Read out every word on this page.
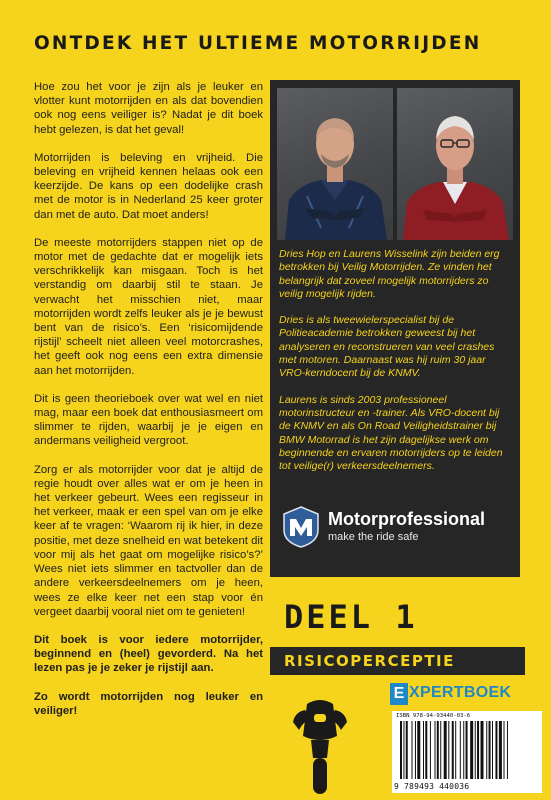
ONTDEK HET ULTIEME MOTORRIJDEN

Hoe zou het voor je zijn als je leuker en vlotter kunt motorrijden en als dat bovendien ook nog eens veiliger is? Nadat je dit boek hebt gelezen, is dat het geval!

Motorrijden is beleving en vrijheid. Die beleving en vrijheid kennen helaas ook een keerzijde. De kans op een dodelijke crash met de motor is in Nederland 25 keer groter dan met de auto. Dat moet anders!

De meeste motorrijders stappen niet op de motor met de gedachte dat er mogelijk iets verschrikkelijk kan misgaan. Toch is het verstandig om daarbij stil te staan. Je verwacht het misschien niet, maar motorrijden wordt zelfs leuker als je je bewust bent van de risico’s. Een ‘risicomijdende rijstijl’ scheelt niet alleen veel motorcrashes, het geeft ook nog eens een extra dimensie aan het motorrijden.

Dit is geen theorieboek over wat wel en niet mag, maar een boek dat enthousiasmeert om slimmer te rijden, waarbij je je eigen en andermans veiligheid vergroot.

Zorg er als motorrijder voor dat je altijd de regie houdt over alles wat er om je heen in het verkeer gebeurt. Wees een regisseur in het verkeer, maak er een spel van om je elke keer af te vragen: ‘Waarom rij ik hier, in deze positie, met deze snelheid en wat betekent dit voor mij als het gaat om mogelijke risico’s?’ Wees niet iets slimmer en tactvoller dan de andere verkeersdeelnemers om je heen, wees ze elke keer net een stap voor én vergeet daarbij vooral niet om te genieten!

Dit boek is voor iedere motorrijder, beginnend en (heel) gevorderd. Na het lezen pas je je zeker je rijstijl aan.

Zo wordt motorrijden nog leuker en veiliger!

Dries Hop en Laurens Wisselink zijn beiden erg betrokken bij Veilig Motorrijden. Ze vinden het belangrijk dat zoveel mogelijk motorrijders zo veilig mogelijk rijden.

Dries is als tweewielerspecialist bij de Politieacademie betrokken geweest bij het analyseren en reconstrueren van veel crashes met motoren. Daarnaast was hij ruim 30 jaar VRO-kerndocent bij de KNMV.

Laurens is sinds 2003 professioneel motorinstructeur en -trainer. Als VRO-docent bij de KNMV en als On Road Veiligheidstrainer bij BMW Motorrad is het zijn dagelijkse werk om beginnende en ervaren motorrijders op te leiden tot veilige(r) verkeersdeelnemers.

Motorprofessional
make the ride safe
DEEL 1
RISICOPERCEPTIE
E XPERTBOEK
ISBN 978-94-93440-03-6
9 789493 440036
